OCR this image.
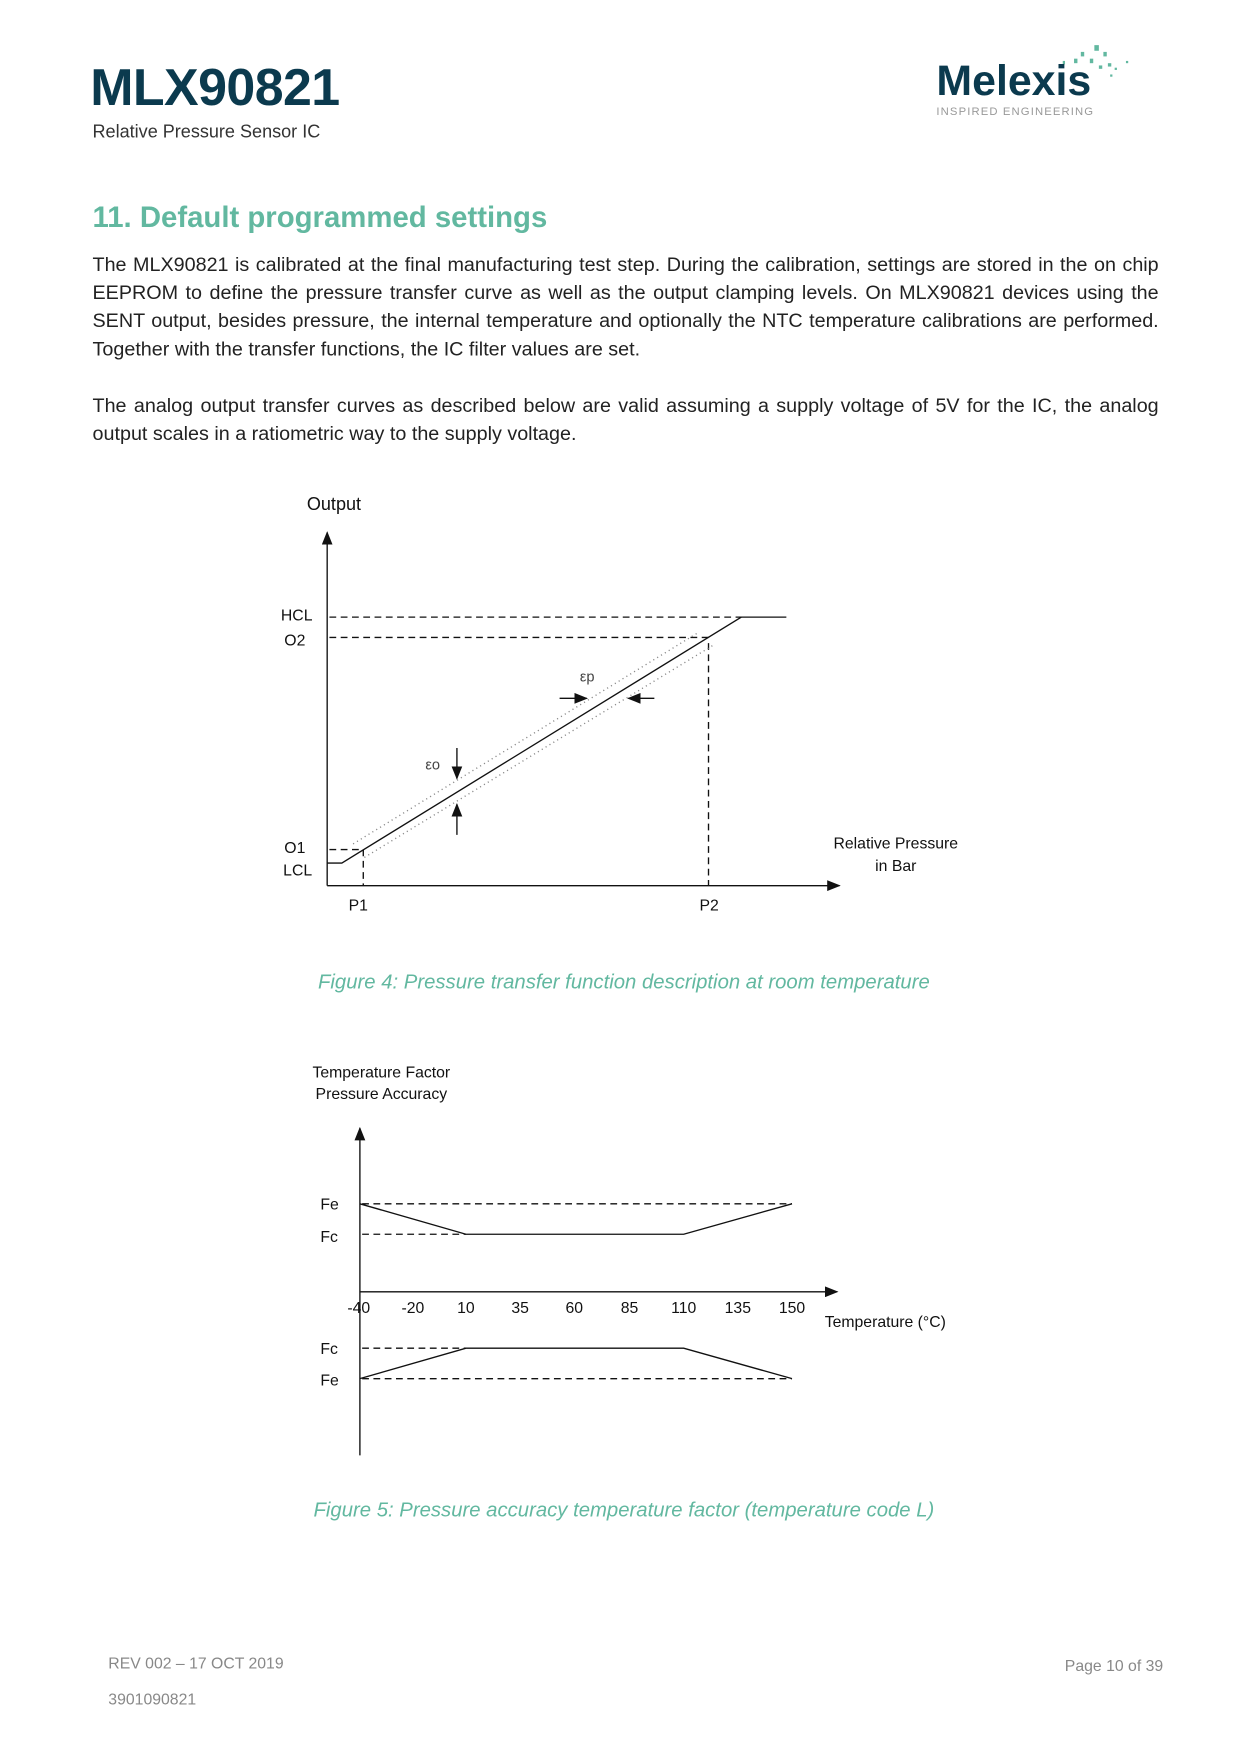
MLX90821
Relative Pressure Sensor IC
Melexis
INSPIRED ENGINEERING
11. Default programmed settings
The MLX90821 is calibrated at the final manufacturing test step. During the calibration, settings are stored in the on chip EEPROM to define the pressure transfer curve as well as the output clamping levels. On MLX90821 devices using the SENT output, besides pressure, the internal temperature and optionally the NTC temperature calibrations are performed. Together with the transfer functions, the IC filter values are set.
The analog output transfer curves as described below are valid assuming a supply voltage of 5V for the IC, the analog output scales in a ratiometric way to the supply voltage.
Output
HCL
O2
O1
LCL
P1	P2
εo
εp
Relative Pressure
in Bar
Figure 4: Pressure transfer function description at room temperature
Temperature Factor
Pressure Accuracy
Fe
Fc
Fc
Fe
-40 -20 10	35	60	85 110 135 150
Temperature (°C)
Figure 5: Pressure accuracy temperature factor (temperature code L)
REV 002 – 17 OCT 2019
3901090821
Page 10 of 39
